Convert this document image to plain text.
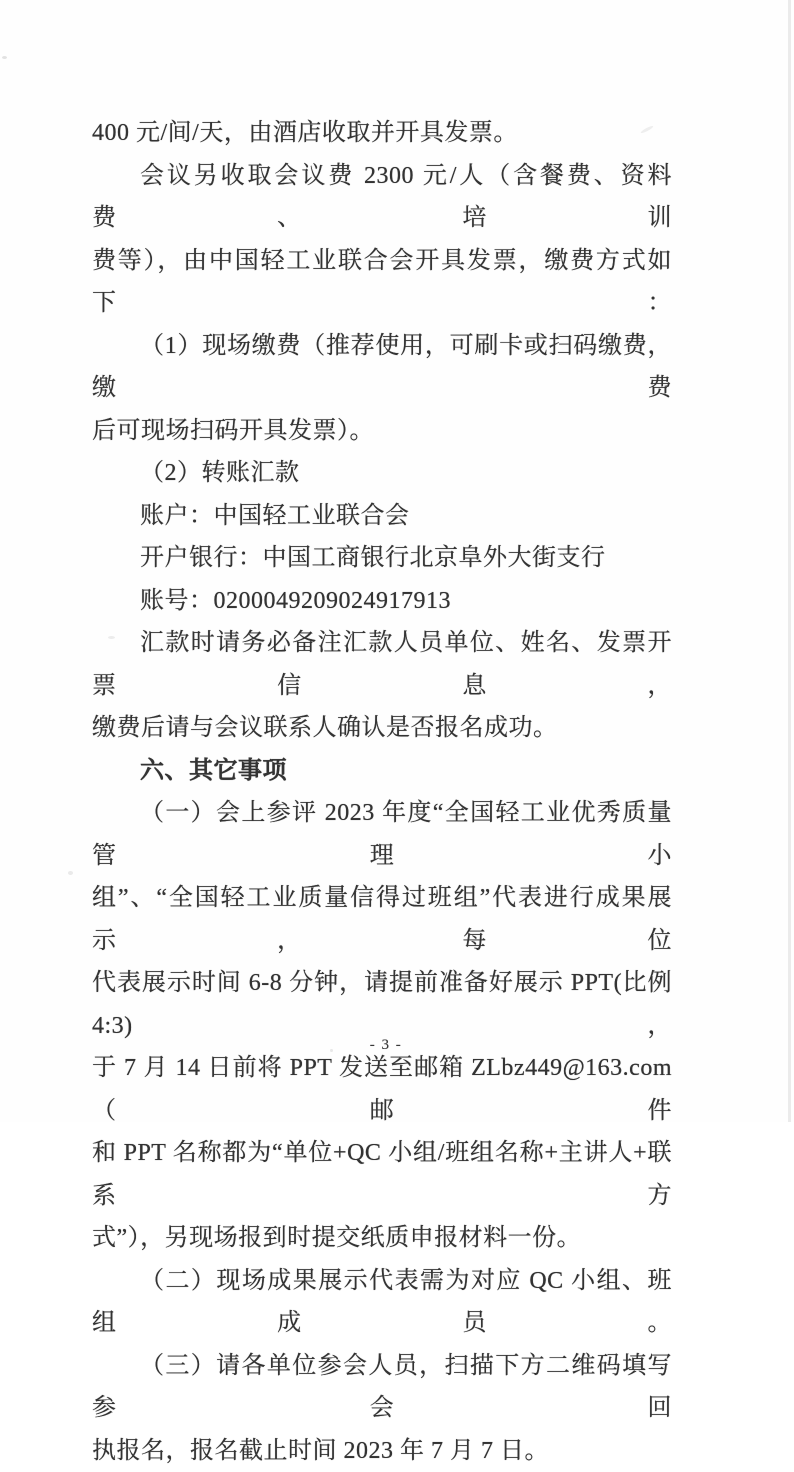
400 元/间/天，由酒店收取并开具发票。

会议另收取会议费 2300 元/人（含餐费、资料费、培训

费等），由中国轻工业联合会开具发票，缴费方式如下：

（1）现场缴费（推荐使用，可刷卡或扫码缴费，缴费

后可现场扫码开具发票）。

（2）转账汇款

账户：中国轻工业联合会

开户银行：中国工商银行北京阜外大街支行

账号：0200049209024917913

汇款时请务必备注汇款人员单位、姓名、发票开票信息，

缴费后请与会议联系人确认是否报名成功。

六、其它事项

（一）会上参评 2023 年度“全国轻工业优秀质量管理小

组”、“全国轻工业质量信得过班组”代表进行成果展示，每位

代表展示时间 6-8 分钟，请提前准备好展示 PPT(比例 4:3)，

于 7 月 14 日前将 PPT 发送至邮箱 ZLbz449@163.com（邮件

和 PPT 名称都为“单位+QC 小组/班组名称+主讲人+联系方

式”），另现场报到时提交纸质申报材料一份。

（二）现场成果展示代表需为对应 QC 小组、班组成员。

（三）请各单位参会人员，扫描下方二维码填写参会回

执报名，报名截止时间 2023 年 7 月 7 日。

- 3 -
